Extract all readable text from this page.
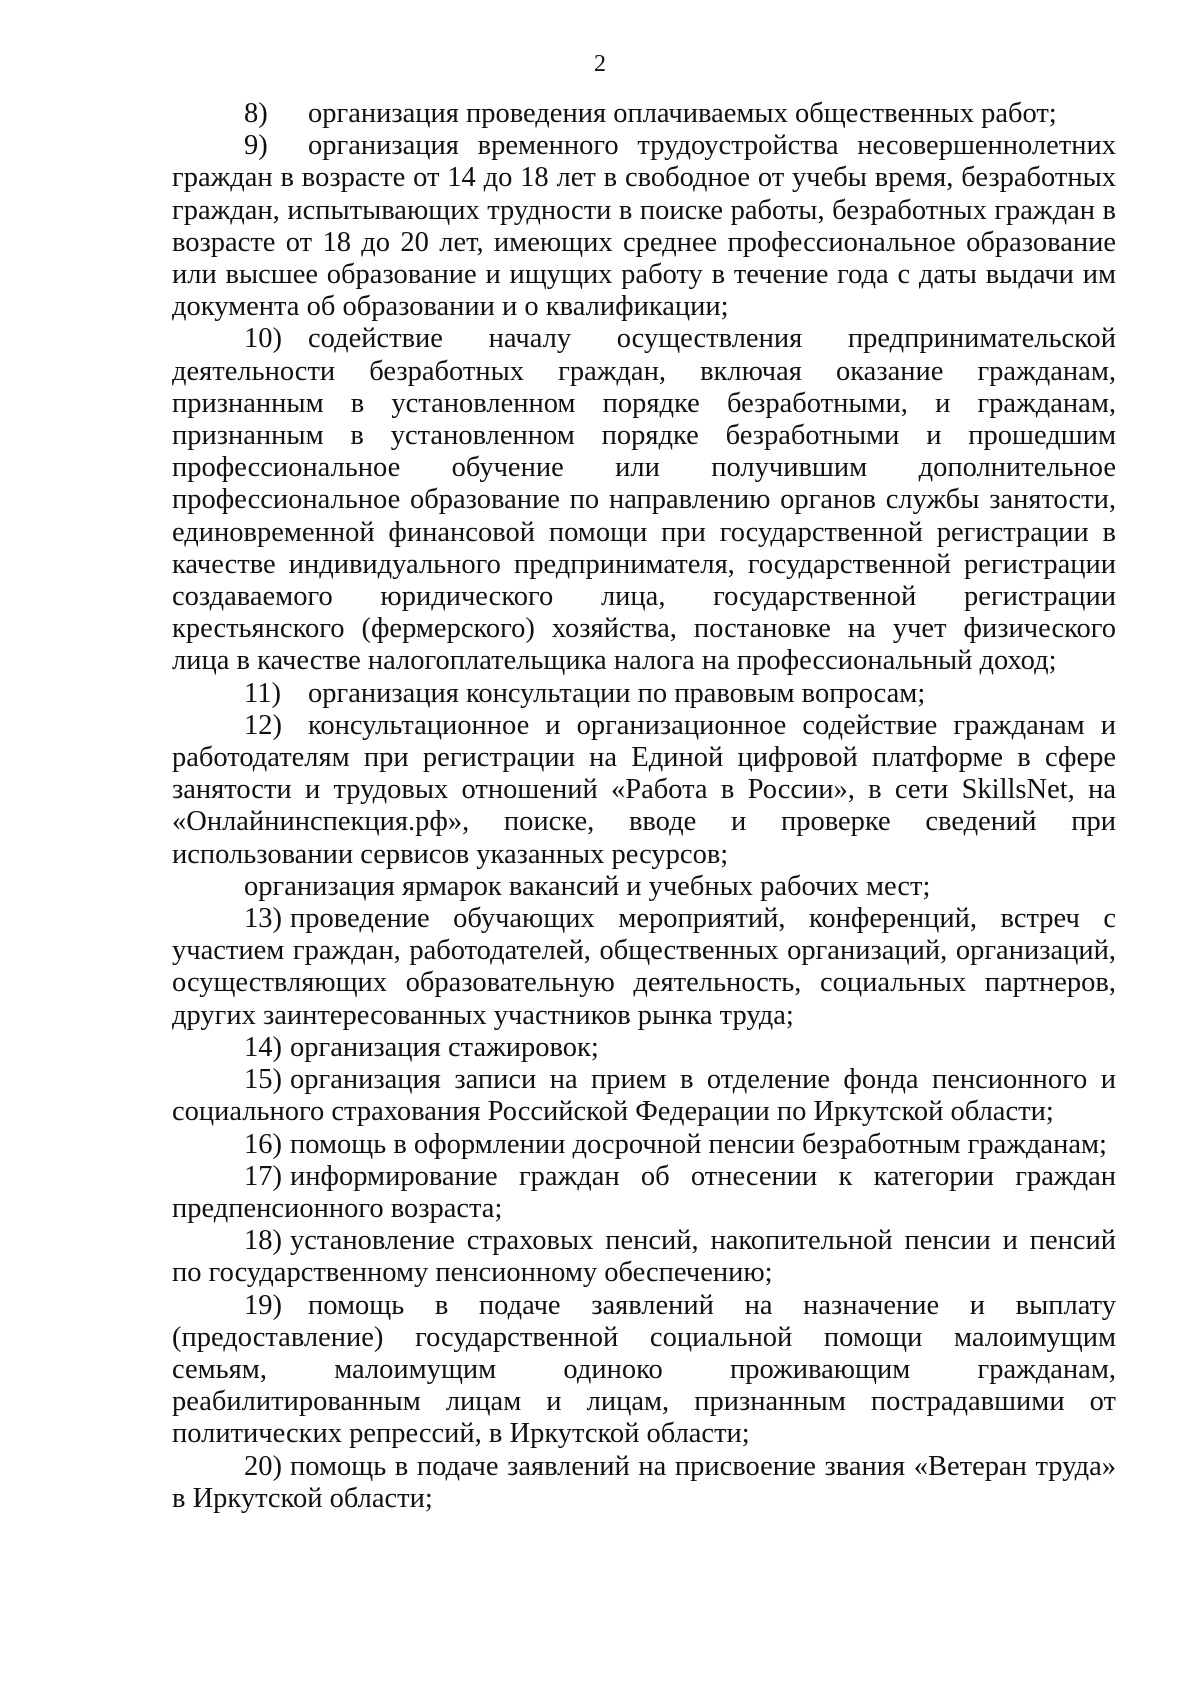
2

8) организация проведения оплачиваемых общественных работ;

9) организация временного трудоустройства несовершеннолетних граждан в возрасте от 14 до 18 лет в свободное от учебы время, безработных граждан, испытывающих трудности в поиске работы, безработных граждан в возрасте от 18 до 20 лет, имеющих среднее профессиональное образование или высшее образование и ищущих работу в течение года с даты выдачи им документа об образовании и о квалификации;

10) содействие началу осуществления предпринимательской деятельности безработных граждан, включая оказание гражданам, признанным в установленном порядке безработными, и гражданам, признанным в установленном порядке безработными и прошедшим профессиональное обучение или получившим дополнительное профессиональное образование по направлению органов службы занятости, единовременной финансовой помощи при государственной регистрации в качестве индивидуального предпринимателя, государственной регистрации создаваемого юридического лица, государственной регистрации крестьянского (фермерского) хозяйства, постановке на учет физического лица в качестве налогоплательщика налога на профессиональный доход;

11) организация консультации по правовым вопросам;

12) консультационное и организационное содействие гражданам и работодателям при регистрации на Единой цифровой платформе в сфере занятости и трудовых отношений «Работа в России», в сети SkillsNet, на «Онлайнинспекция.рф», поиске, вводе и проверке сведений при использовании сервисов указанных ресурсов;

организация ярмарок вакансий и учебных рабочих мест;

13) проведение обучающих мероприятий, конференций, встреч с участием граждан, работодателей, общественных организаций, организаций, осуществляющих образовательную деятельность, социальных партнеров, других заинтересованных участников рынка труда;

14) организация стажировок;

15) организация записи на прием в отделение фонда пенсионного и социального страхования Российской Федерации по Иркутской области;

16) помощь в оформлении досрочной пенсии безработным гражданам;

17) информирование граждан об отнесении к категории граждан предпенсионного возраста;

18) установление страховых пенсий, накопительной пенсии и пенсий по государственному пенсионному обеспечению;

19) помощь в подаче заявлений на назначение и выплату (предоставление) государственной социальной помощи малоимущим семьям, малоимущим одиноко проживающим гражданам, реабилитированным лицам и лицам, признанным пострадавшими от политических репрессий, в Иркутской области;

20) помощь в подаче заявлений на присвоение звания «Ветеран труда» в Иркутской области;
